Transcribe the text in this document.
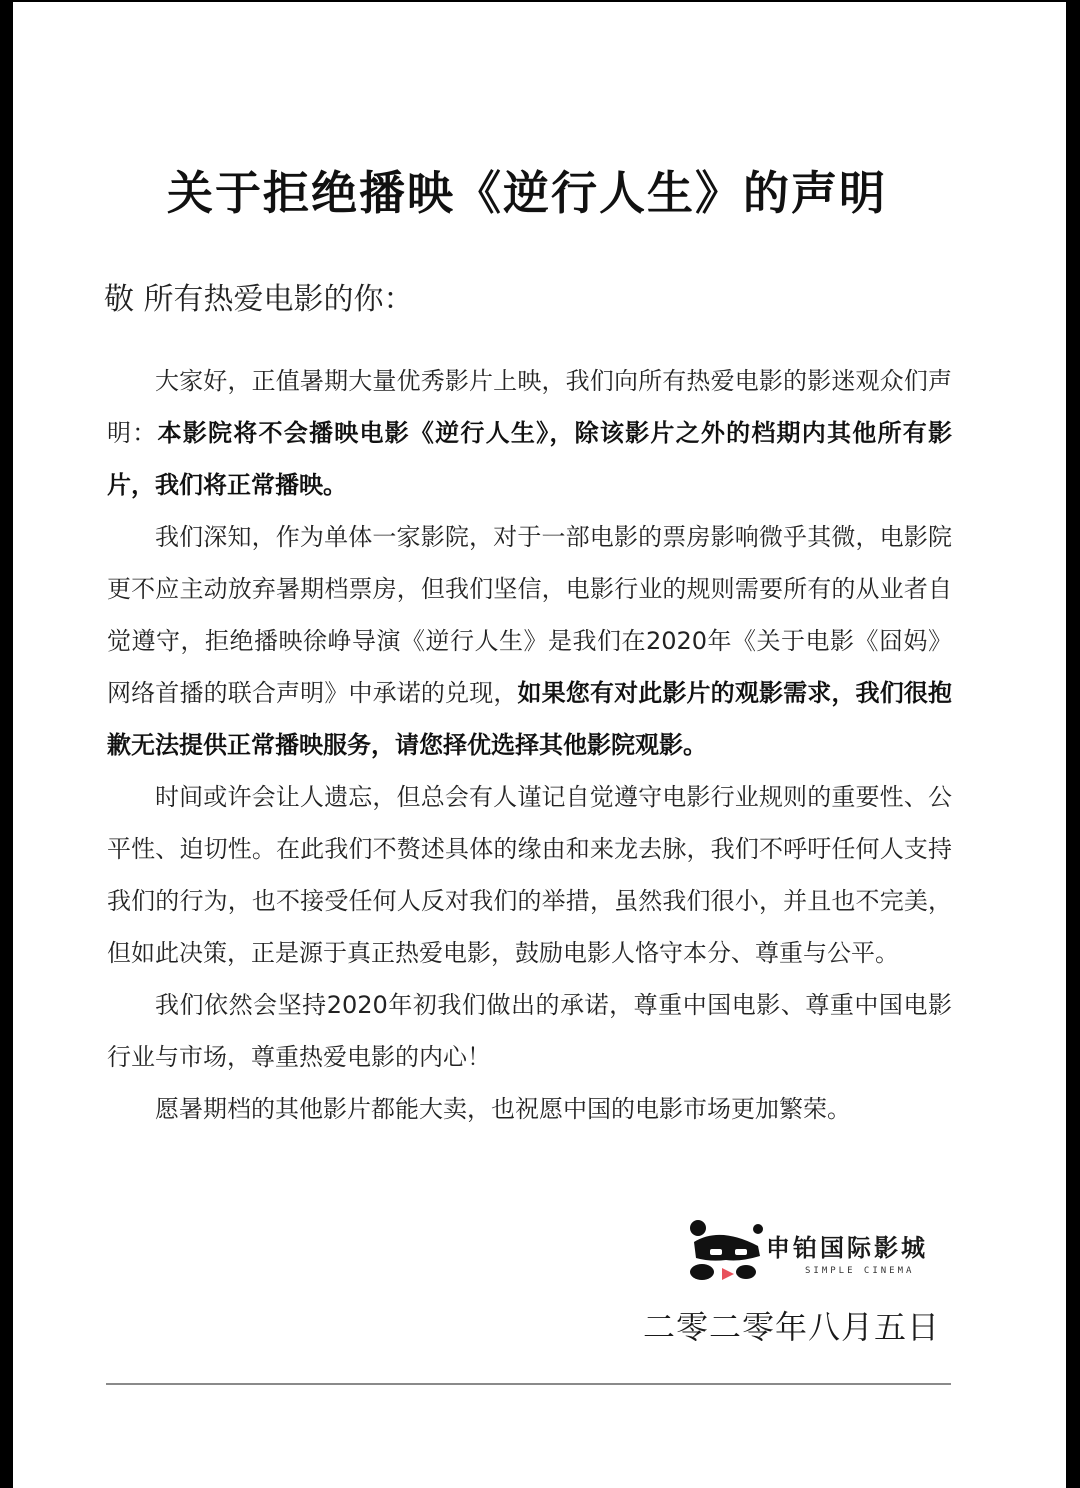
关于拒绝播映《逆行人生》的声明
敬 所有热爱电影的你：

大家好，正值暑期大量优秀影片上映，我们向所有热爱电影的影迷观众们声明：本影院将不会播映电影《逆行人生》，除该影片之外的档期内其他所有影片，我们将正常播映。

我们深知，作为单体一家影院，对于一部电影的票房影响微乎其微，电影院更不应主动放弃暑期档票房，但我们坚信，电影行业的规则需要所有的从业者自觉遵守，拒绝播映徐峥导演《逆行人生》是我们在2020年《关于电影《囧妈》网络首播的联合声明》中承诺的兑现，如果您有对此影片的观影需求，我们很抱歉无法提供正常播映服务，请您择优选择其他影院观影。

时间或许会让人遗忘，但总会有人谨记自觉遵守电影行业规则的重要性、公平性、迫切性。在此我们不赘述具体的缘由和来龙去脉，我们不呼吁任何人支持我们的行为，也不接受任何人反对我们的举措，虽然我们很小，并且也不完美，但如此决策，正是源于真正热爱电影，鼓励电影人恪守本分、尊重与公平。

我们依然会坚持2020年初我们做出的承诺，尊重中国电影、尊重中国电影行业与市场，尊重热爱电影的内心！

愿暑期档的其他影片都能大卖，也祝愿中国的电影市场更加繁荣。

申铂国际影城
SIMPLE CINEMA
二零二零年八月五日
